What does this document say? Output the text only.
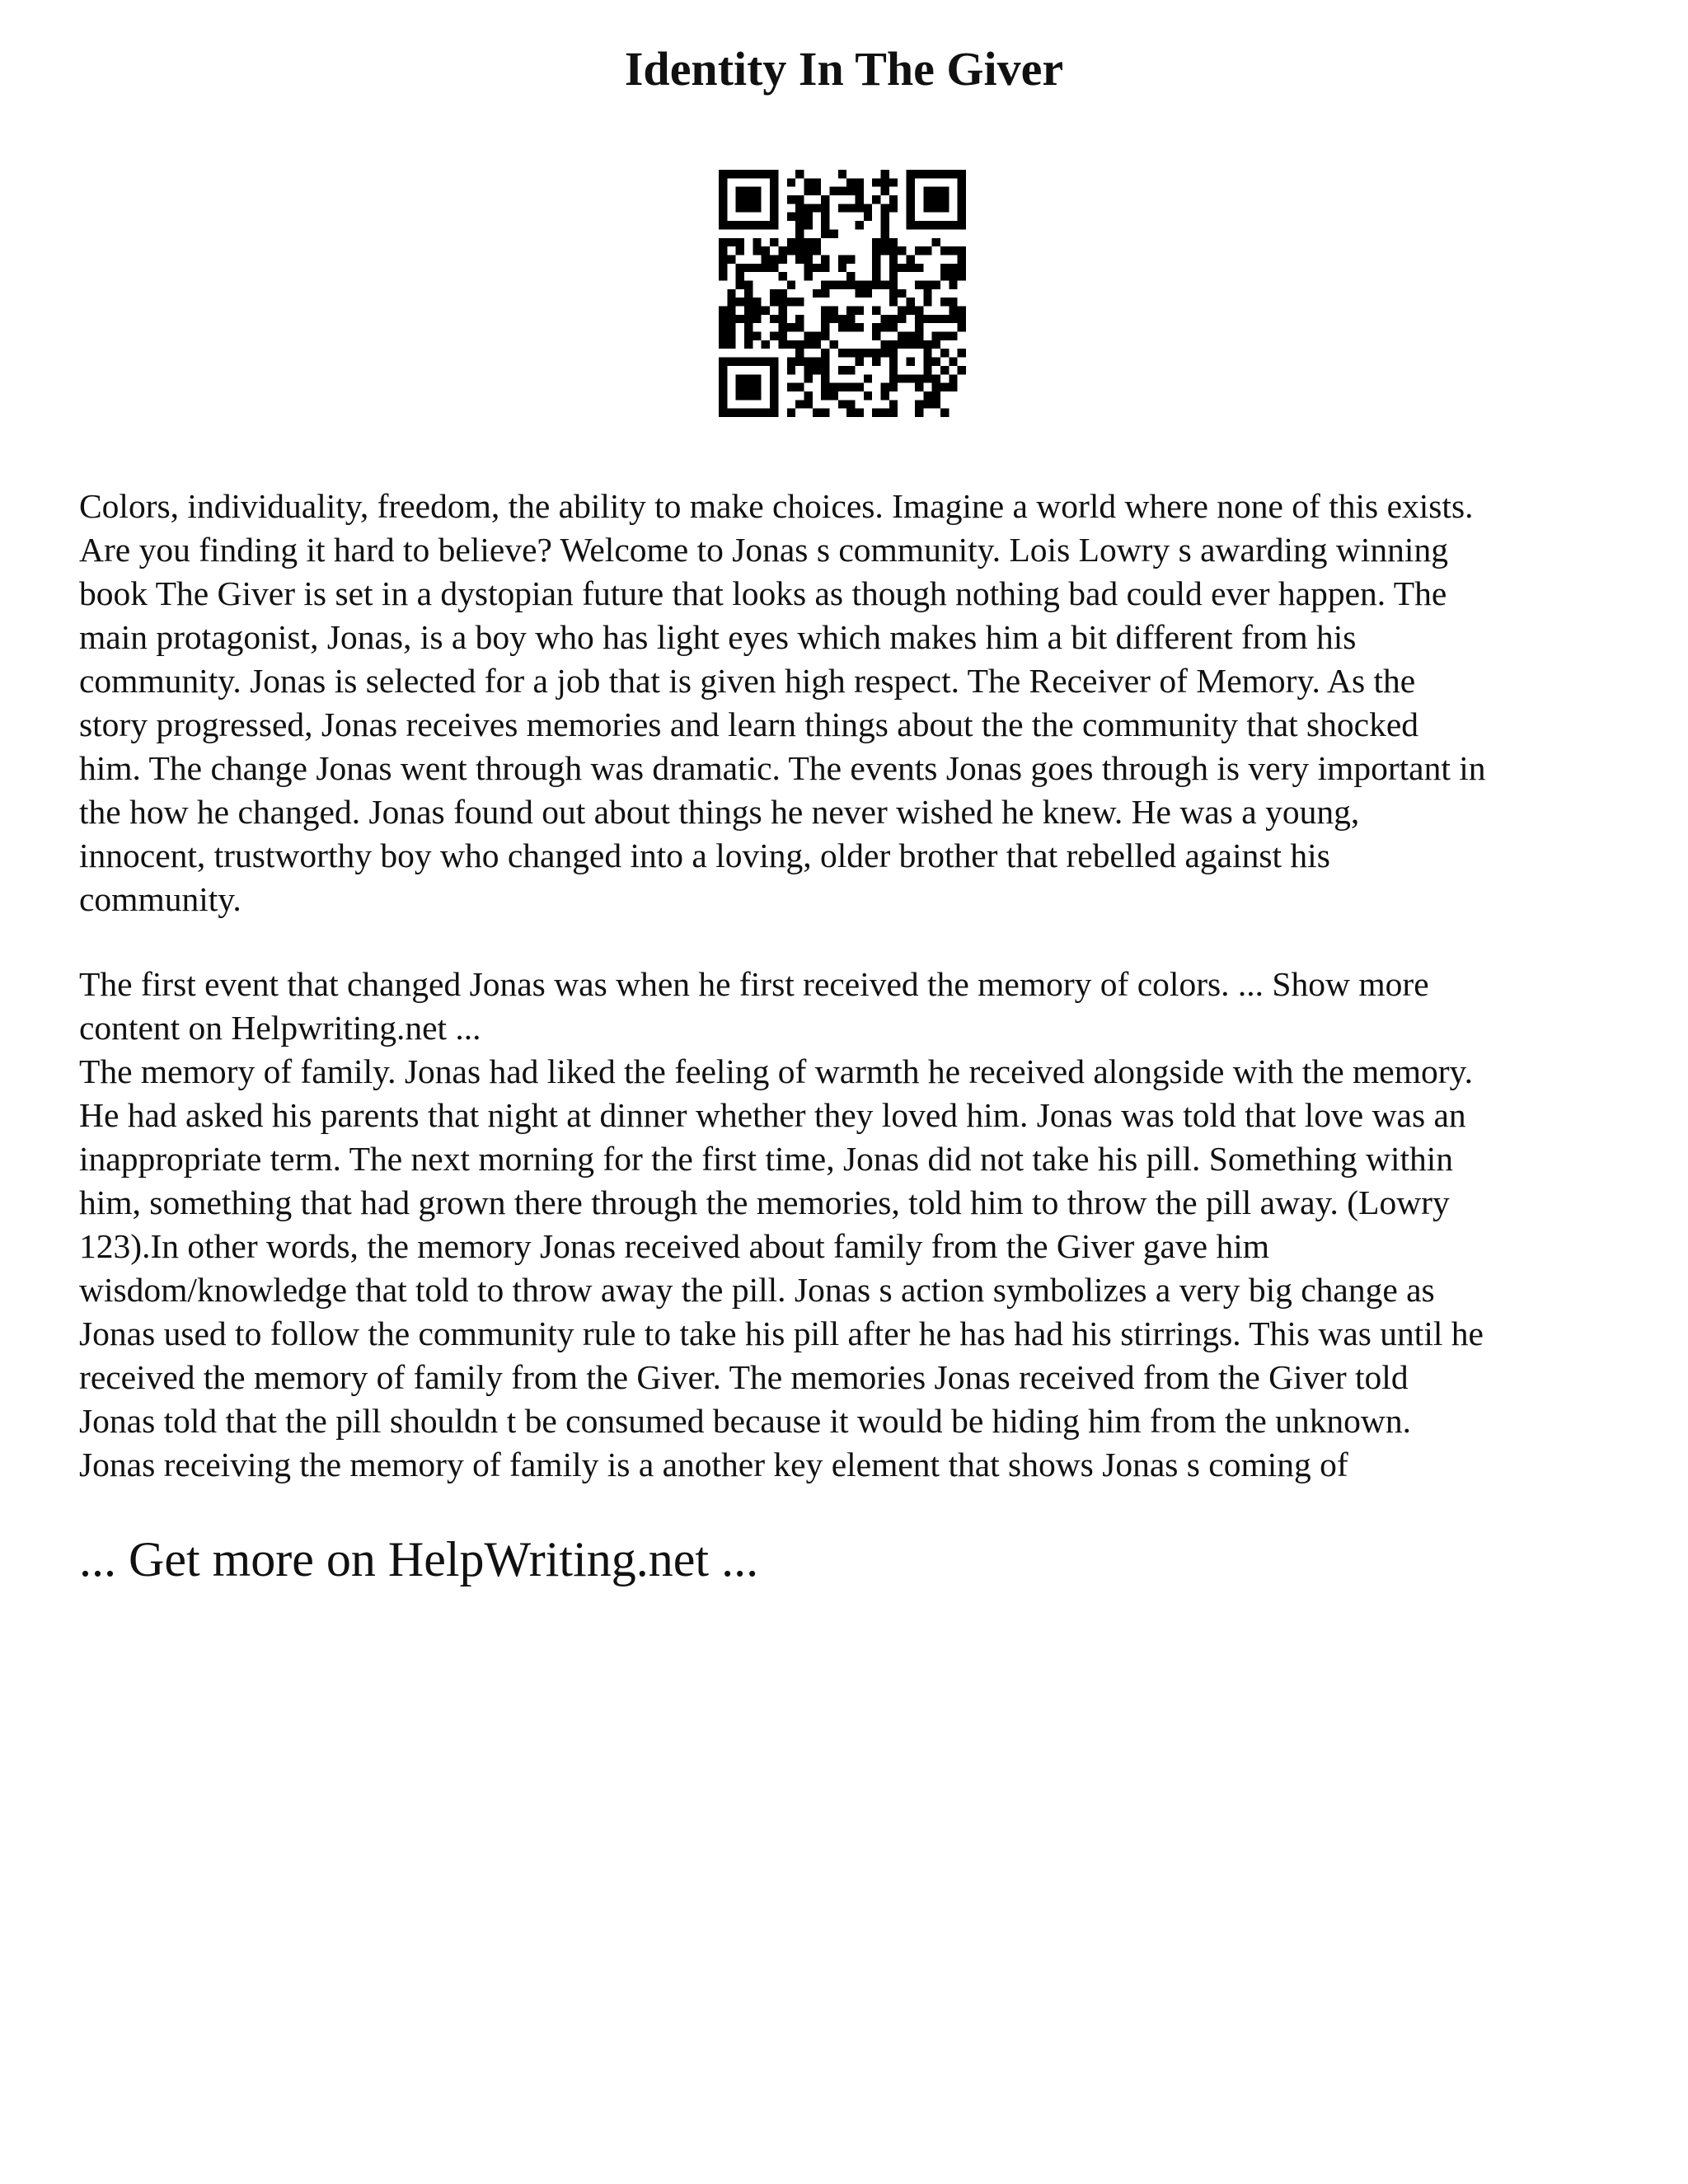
Identity In The Giver
Colors, individuality, freedom, the ability to make choices. Imagine a world where none of this exists.
Are you finding it hard to believe? Welcome to Jonas s community. Lois Lowry s awarding winning
book The Giver is set in a dystopian future that looks as though nothing bad could ever happen. The
main protagonist, Jonas, is a boy who has light eyes which makes him a bit different from his
community. Jonas is selected for a job that is given high respect. The Receiver of Memory. As the
story progressed, Jonas receives memories and learn things about the the community that shocked
him. The change Jonas went through was dramatic. The events Jonas goes through is very important in
the how he changed. Jonas found out about things he never wished he knew. He was a young,
innocent, trustworthy boy who changed into a loving, older brother that rebelled against his
community.
The first event that changed Jonas was when he first received the memory of colors. ... Show more
content on Helpwriting.net ...
The memory of family. Jonas had liked the feeling of warmth he received alongside with the memory.
He had asked his parents that night at dinner whether they loved him. Jonas was told that love was an
inappropriate term. The next morning for the first time, Jonas did not take his pill. Something within
him, something that had grown there through the memories, told him to throw the pill away. (Lowry
123).In other words, the memory Jonas received about family from the Giver gave him
wisdom/knowledge that told to throw away the pill. Jonas s action symbolizes a very big change as
Jonas used to follow the community rule to take his pill after he has had his stirrings. This was until he
received the memory of family from the Giver. The memories Jonas received from the Giver told
Jonas told that the pill shouldn t be consumed because it would be hiding him from the unknown.
Jonas receiving the memory of family is a another key element that shows Jonas s coming of

... Get more on HelpWriting.net ...
